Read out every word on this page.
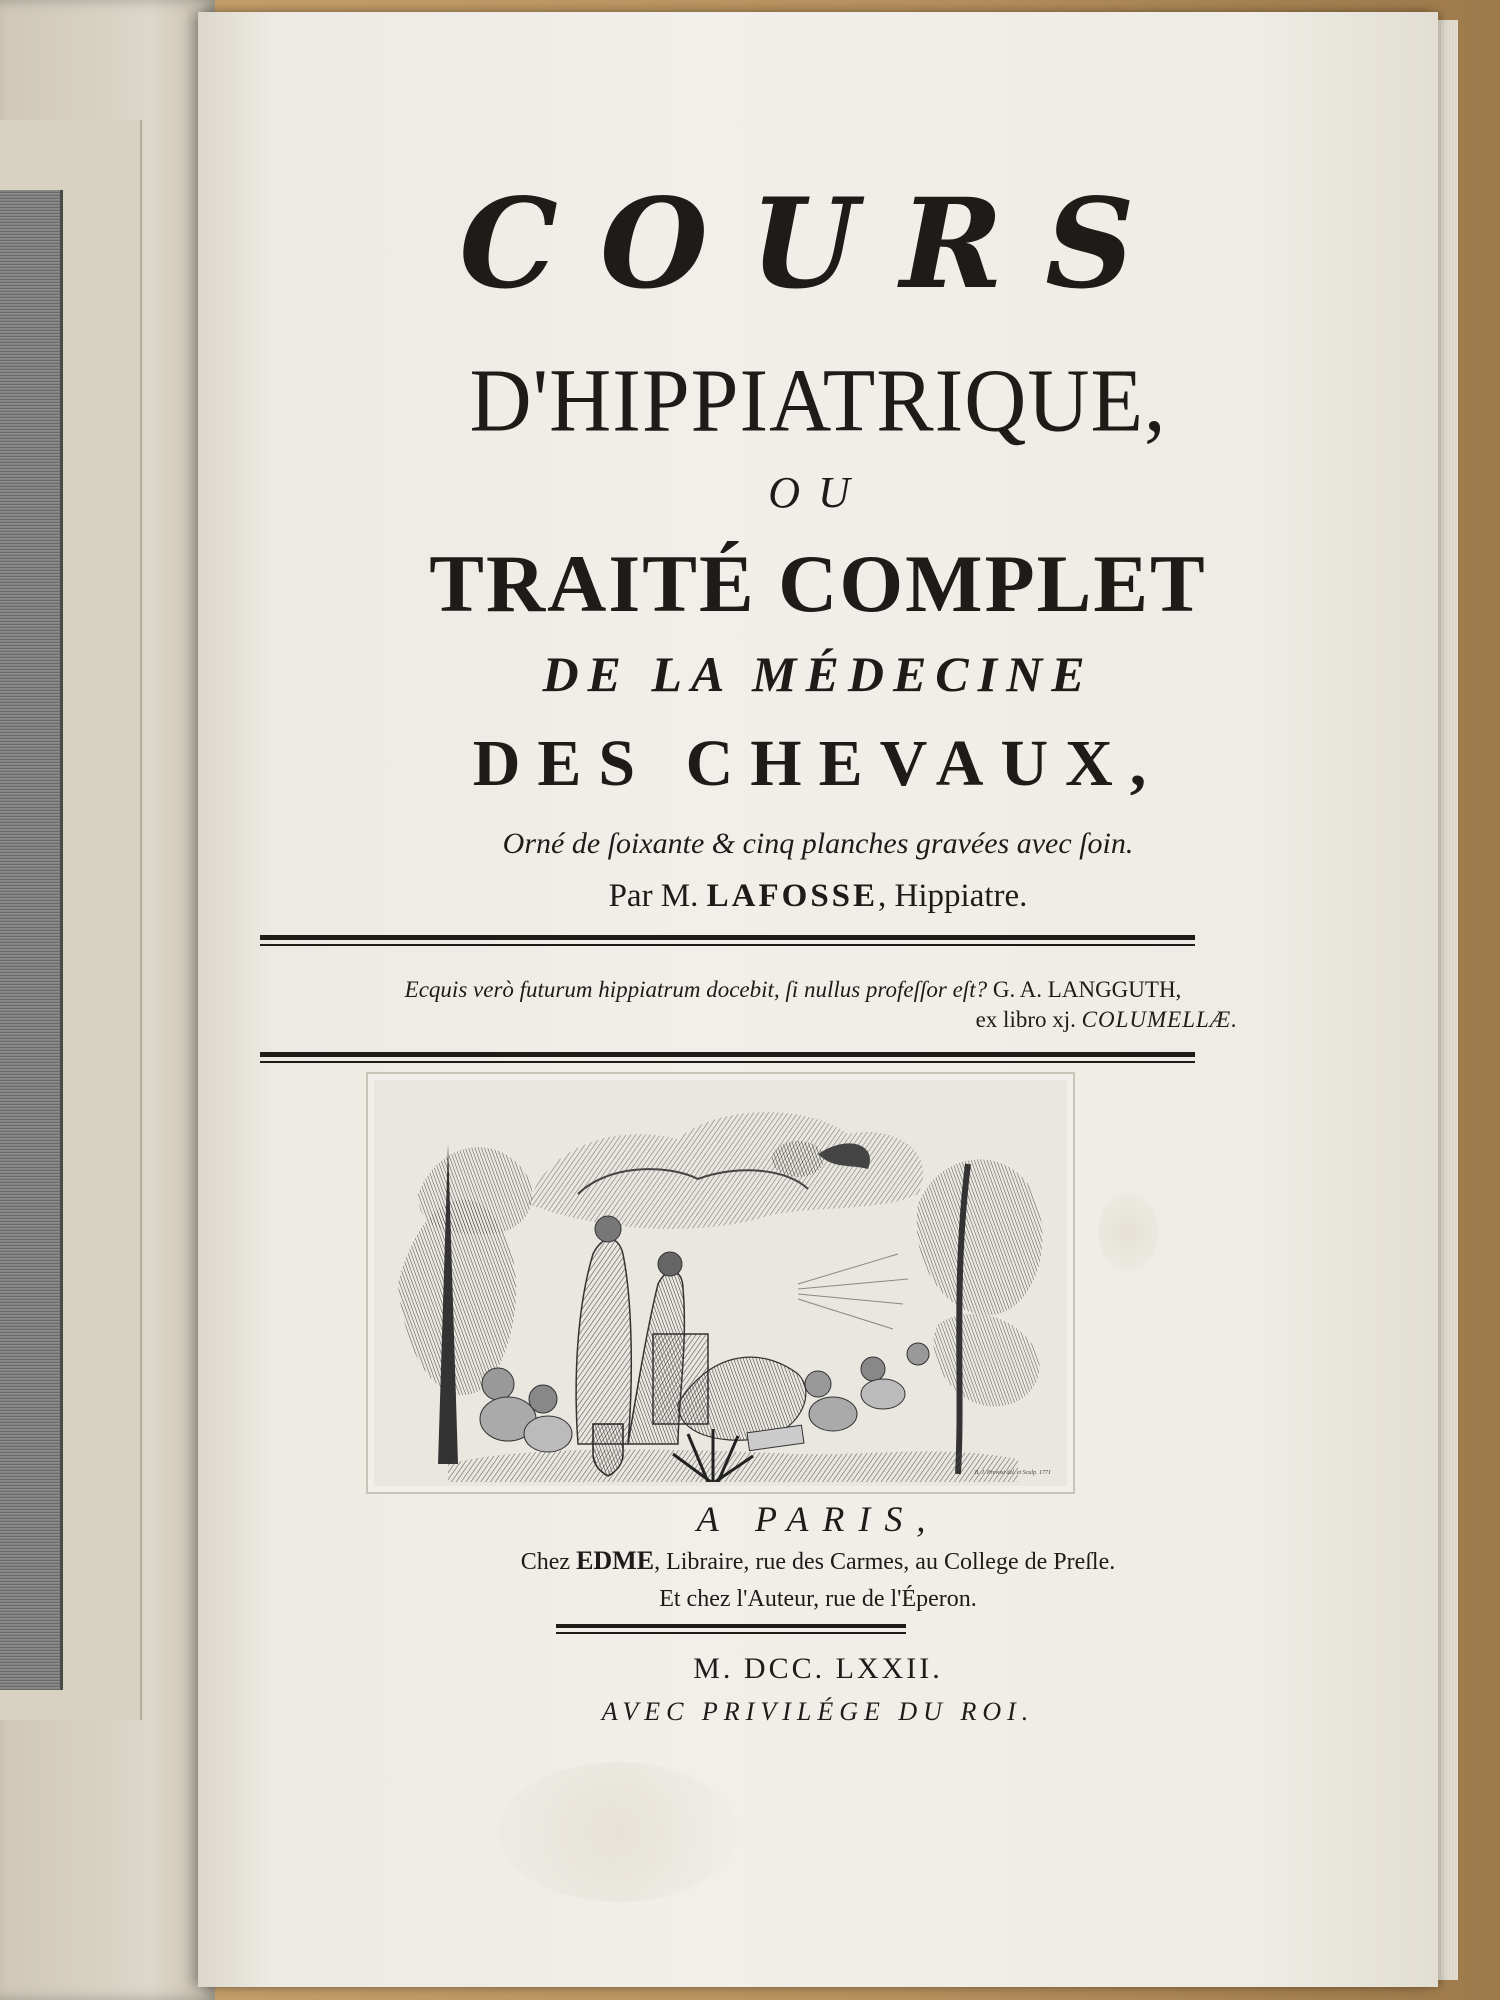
COURS
D'HIPPIATRIQUE,
OU
TRAITÉ COMPLET
DE LA MÉDECINE
DES CHEVAUX,
Orné de ſoixante & cinq planches gravées avec ſoin.
Par M. LAFOSSE, Hippiatre.
Ecquis verò futurum hippiatrum docebit, ſi nullus profeſſor eſt? G. A. LANGGUTH,
ex libro xj. COLUMELLÆ.
B. J. Prevost del. et Sculp. 1771
A PARIS,
Chez EDME, Libraire, rue des Carmes, au College de Preſle.
Et chez l'Auteur, rue de l'Éperon.
M. DCC. LXXII.
AVEC PRIVILÉGE DU ROI.
